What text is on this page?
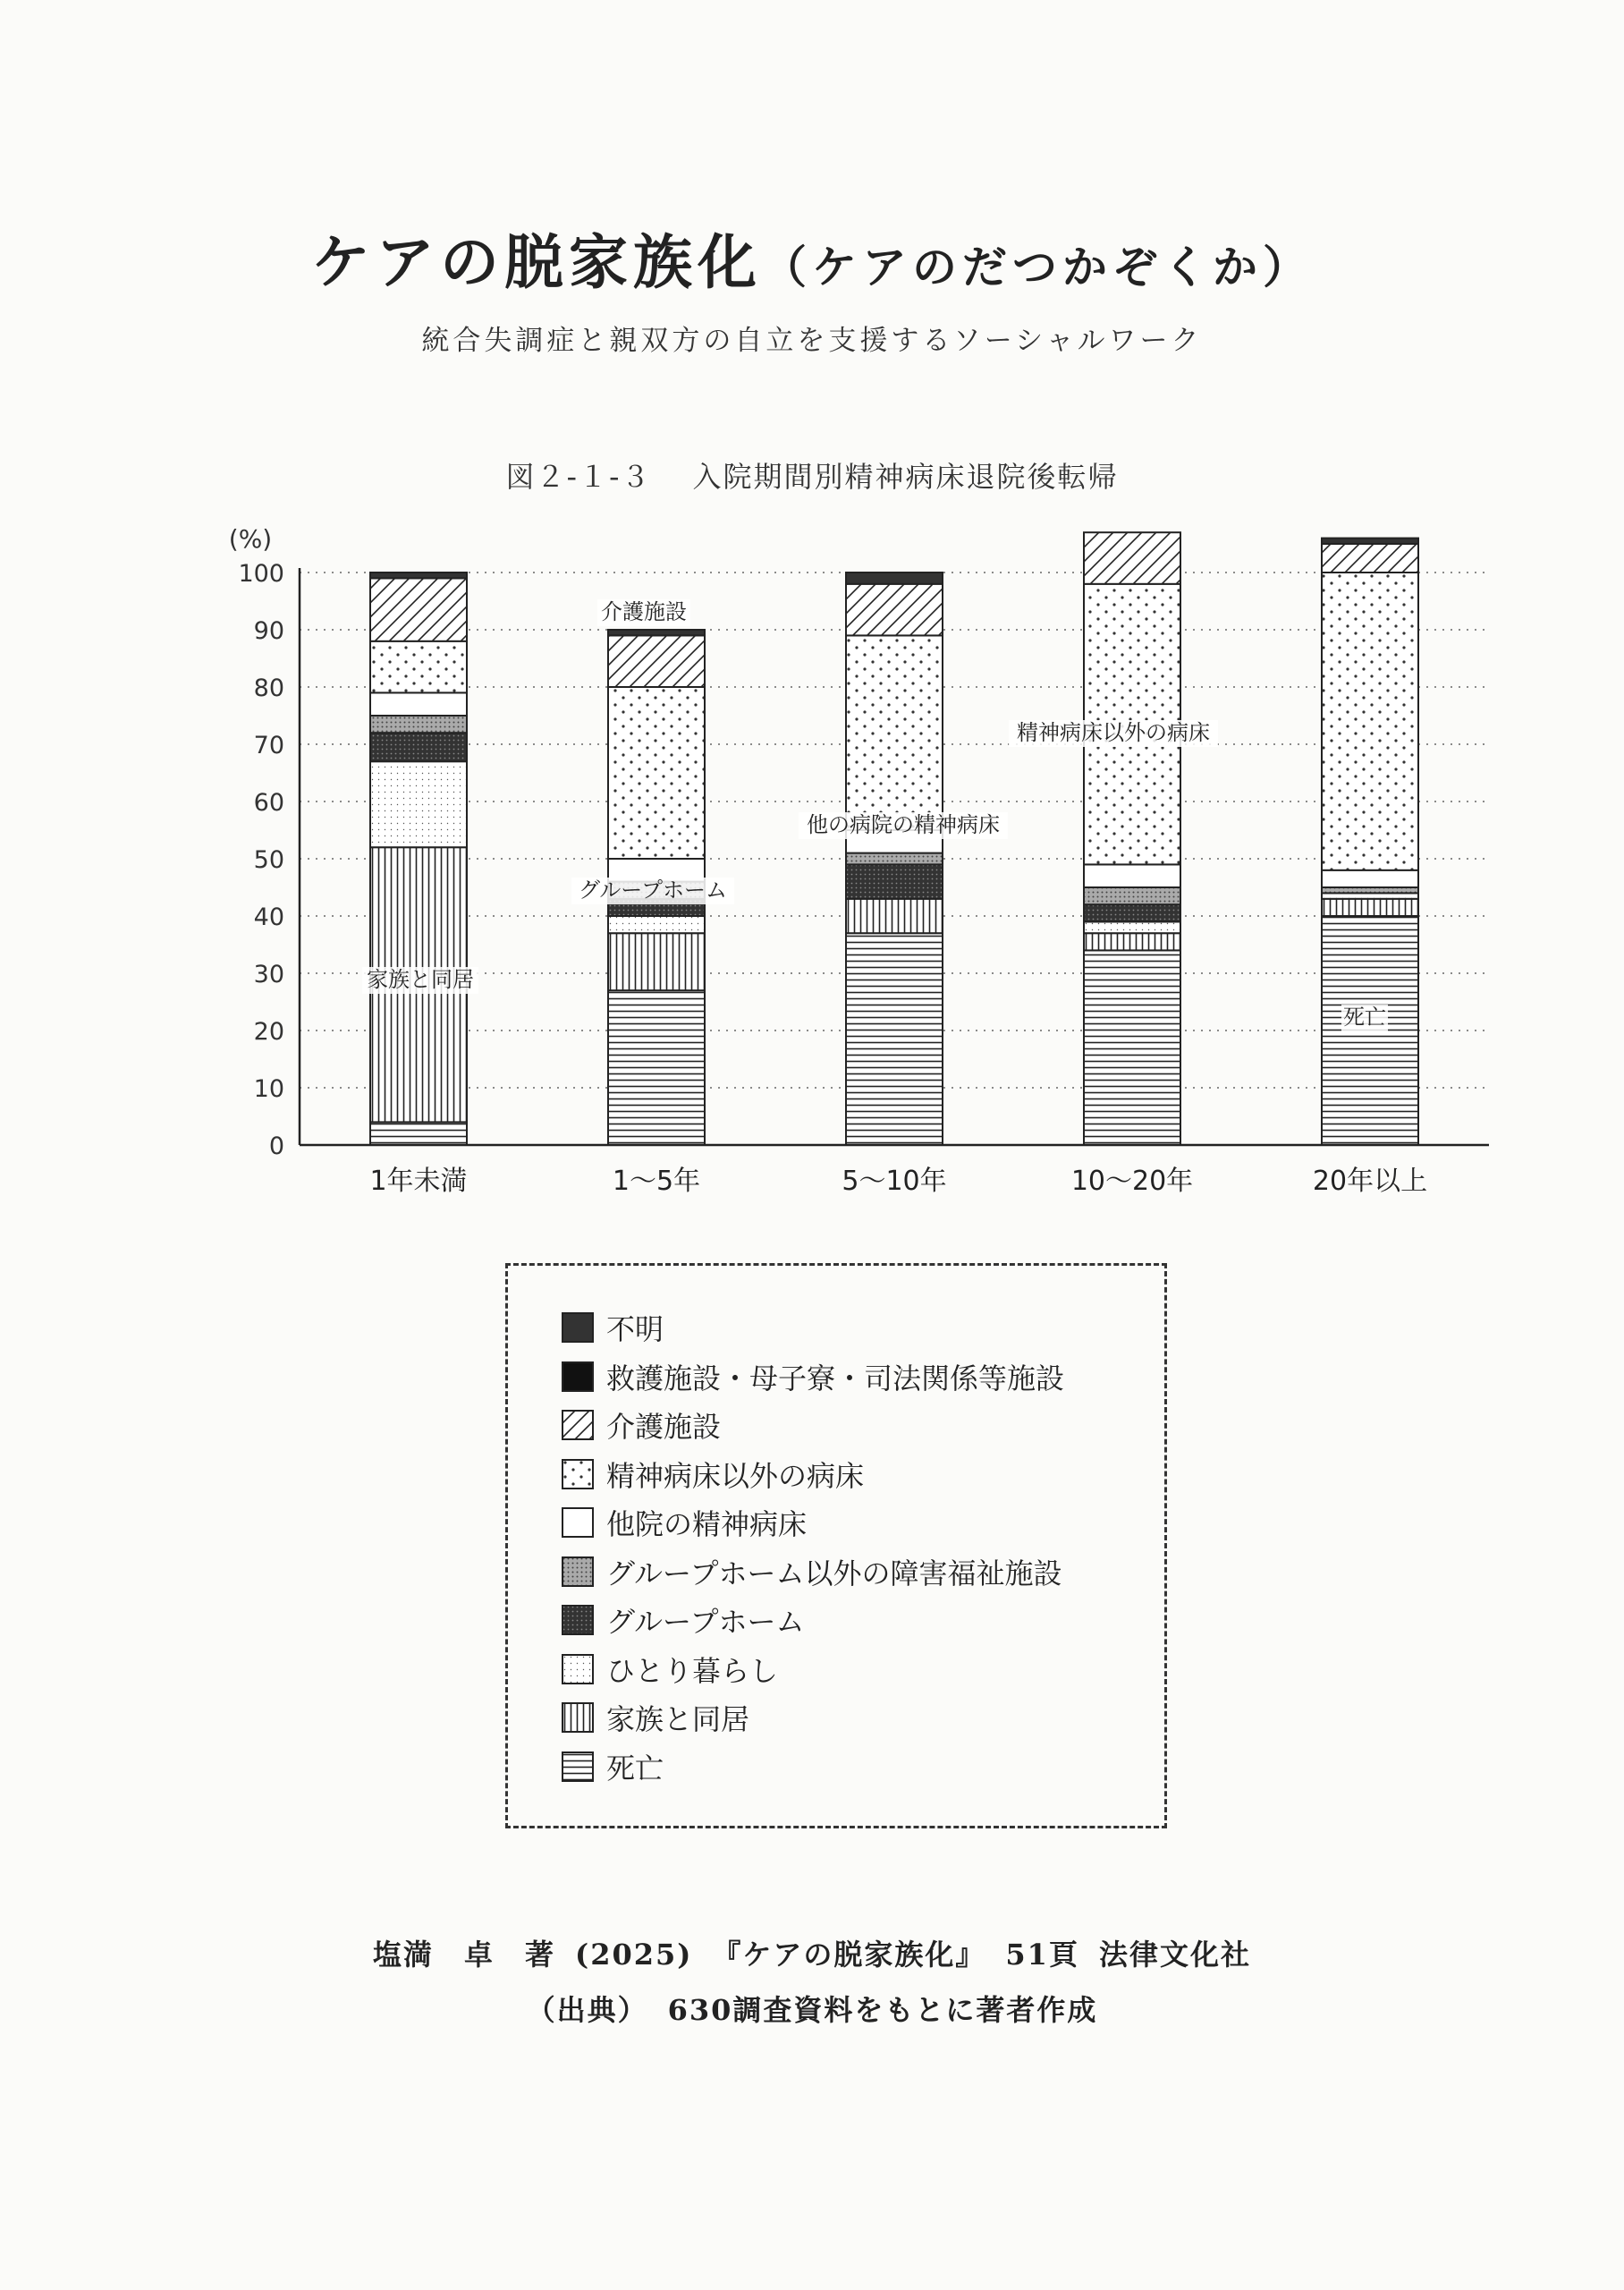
ケアの脱家族化（ケアのだつかぞくか）
統合失調症と親双方の自立を支援するソーシャルワーク
図２-１-３ 入院期間別精神病床退院後転帰
(%)
0
10
20
30
40
50
60
70
80
90
100
1年未満	1～5年	5～10年	10～20年	20年以上
家族と同居
グループホーム
介護施設
他の病院の精神病床
精神病床以外の病床
死亡
不明
救護施設・母子寮・司法関係等施設
介護施設
精神病床以外の病床
他院の精神病床
グループホーム以外の障害福祉施設
グループホーム
ひとり暮らし
家族と同居
死亡
塩満　卓　著 (2025) 『ケアの脱家族化』 51頁 法律文化社
（出典） 630調査資料をもとに著者作成
